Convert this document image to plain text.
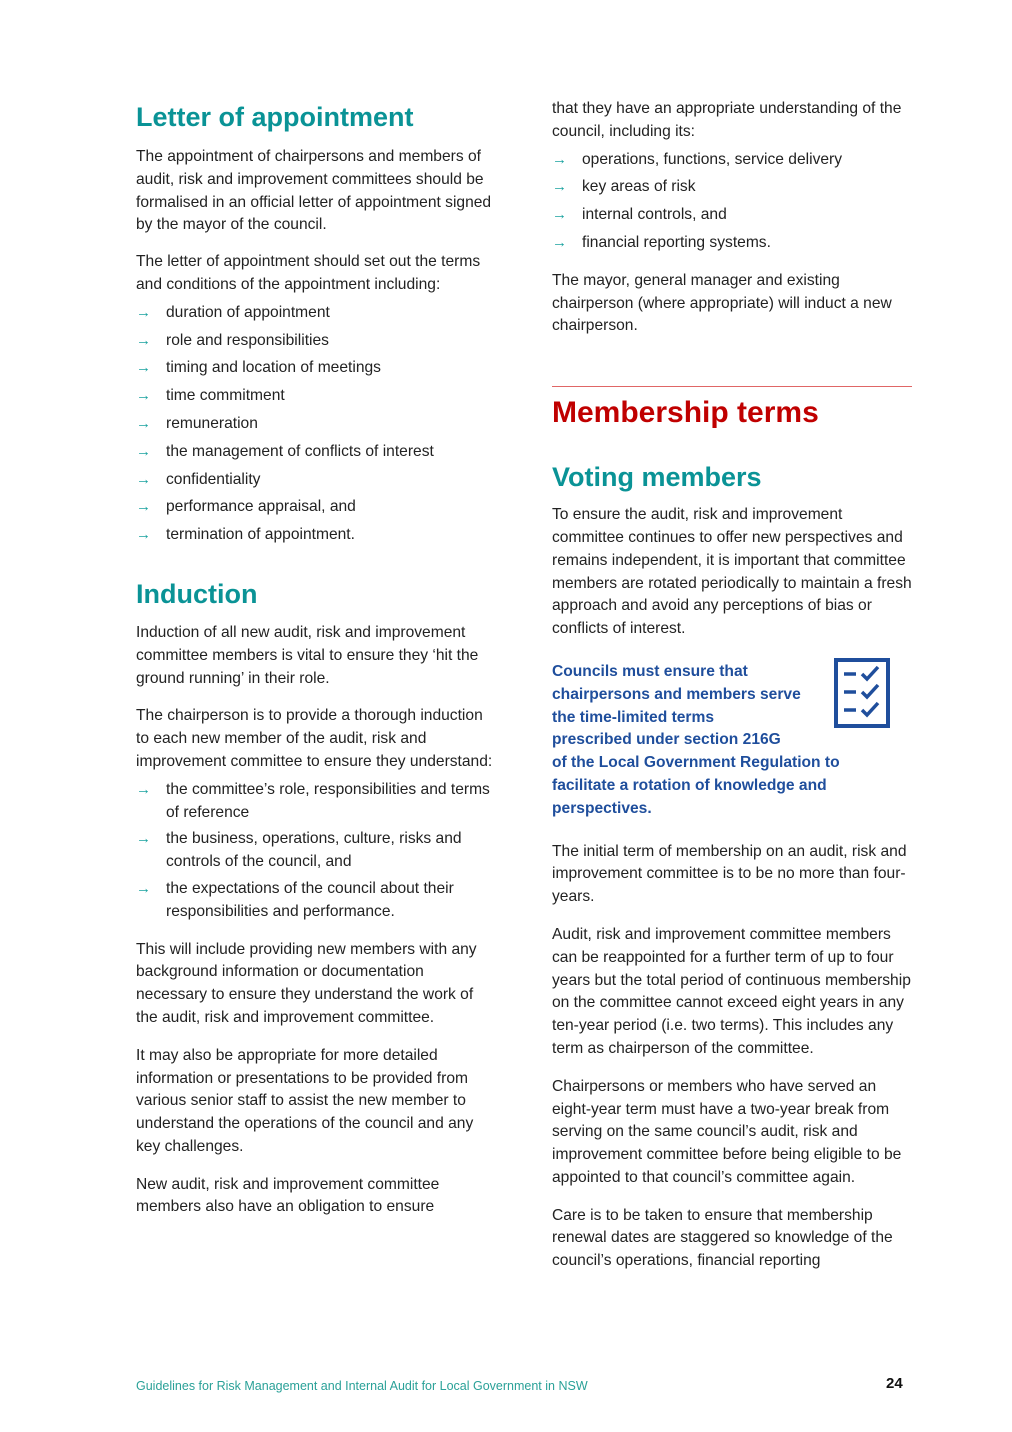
Letter of appointment

The appointment of chairpersons and members of audit, risk and improvement committees should be formalised in an official letter of appointment signed by the mayor of the council.

The letter of appointment should set out the terms and conditions of the appointment including:

→ duration of appointment
→ role and responsibilities
→ timing and location of meetings
→ time commitment
→ remuneration
→ the management of conflicts of interest
→ confidentiality
→ performance appraisal, and
→ termination of appointment.
Induction

Induction of all new audit, risk and improvement committee members is vital to ensure they ‘hit the ground running’ in their role.

The chairperson is to provide a thorough induction to each new member of the audit, risk and improvement committee to ensure they understand:

→ the committee’s role, responsibilities and terms of reference
→ the business, operations, culture, risks and controls of the council, and
→ the expectations of the council about their responsibilities and performance.

This will include providing new members with any background information or documentation necessary to ensure they understand the work of the audit, risk and improvement committee.

It may also be appropriate for more detailed information or presentations to be provided from various senior staff to assist the new member to understand the operations of the council and any key challenges.

New audit, risk and improvement committee members also have an obligation to ensure

that they have an appropriate understanding of the council, including its:

→ operations, functions, service delivery
→ key areas of risk
→ internal controls, and
→ financial reporting systems.

The mayor, general manager and existing chairperson (where appropriate) will induct a new chairperson.

Membership terms
Voting members

To ensure the audit, risk and improvement committee continues to offer new perspectives and remains independent, it is important that committee members are rotated periodically to maintain a fresh approach and avoid any perceptions of bias or conflicts of interest.

Councils must ensure that
chairpersons and members serve
the time-limited terms
prescribed under section 216G
of the Local Government Regulation to
facilitate a rotation of knowledge and
perspectives.

The initial term of membership on an audit, risk and improvement committee is to be no more than four-years.

Audit, risk and improvement committee members can be reappointed for a further term of up to four years but the total period of continuous membership on the committee cannot exceed eight years in any ten-year period (i.e. two terms). This includes any term as chairperson of the committee.

Chairpersons or members who have served an eight-year term must have a two-year break from serving on the same council’s audit, risk and improvement committee before being eligible to be appointed to that council’s committee again.

Care is to be taken to ensure that membership renewal dates are staggered so knowledge of the council’s operations, financial reporting

Guidelines for Risk Management and Internal Audit for Local Government in NSW	24
